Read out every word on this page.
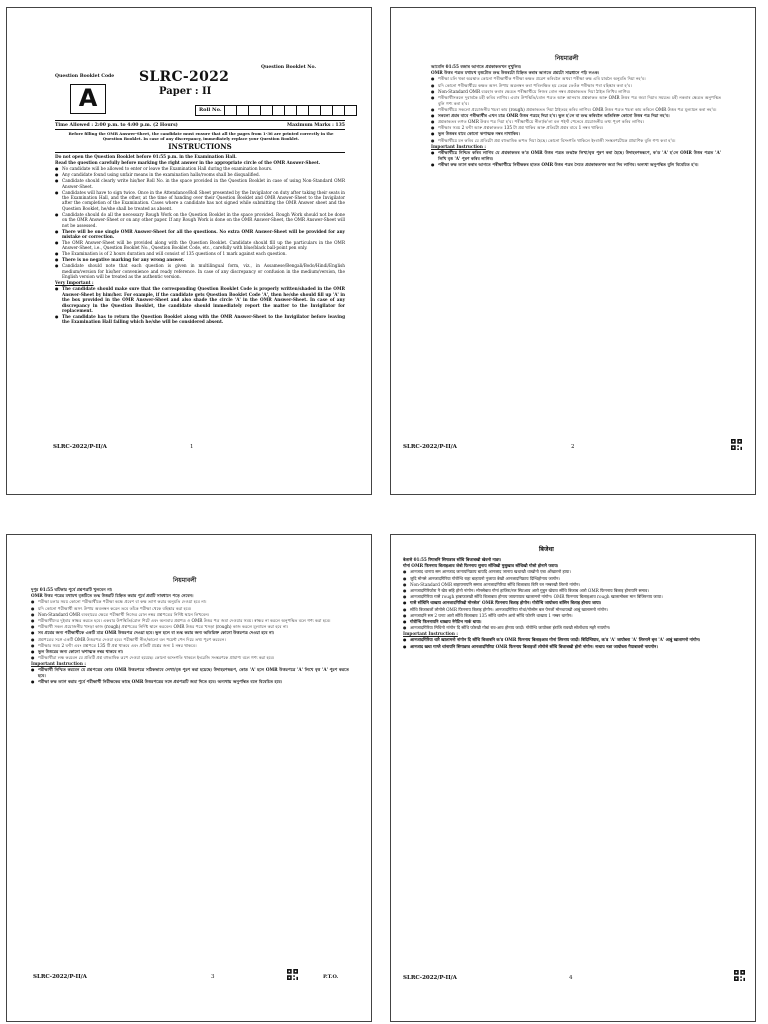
Question Booklet No.
Question Booklet Code SLRC-2022
Paper : II
A	Roll No.
Time Allowed : 2:00 p.m. to 4:00 p.m. (2 Hours)	Maximum Marks : 135
Before filling the OMR Answer-Sheet, the candidate must ensure that all the pages from 1-36 are printed correctly in the Question Booklet. In case of any discrepancy, immediately replace your Question Booklet.
INSTRUCTIONS

Do not open the Question Booklet before 01:55 p.m. in the Examination Hall.

Read the question carefully before marking the right answer in the appropriate circle of the OMR Answer-Sheet.

● No candidate will be allowed to enter or leave the Examination Hall during the examination hours.
● Any candidate found using unfair means in the examination halls/rooms shall be disqualified.
● Candidate should clearly write his/her Roll No. in the space provided in the Question Booklet in case of using Non-Standard OMR Answer-Sheet.
● Candidates will have to sign twice. Once in the Attendance/Roll Sheet presented by the Invigilator on duty after taking their seats in the Examination Hall, and the other, at the time of handing over their Question Booklet and OMR Answer-Sheet to the Invigilator after the completion of the Examination. Cases where a candidate has not signed while submitting the OMR Answer sheet and the Question Booklet, he/she shall be treated as absent.
● Candidate should do all the necessary Rough Work on the Question Booklet in the space provided. Rough Work should not be done on the OMR Answer-Sheet or on any other paper. If any Rough Work is done on the OMR Answer-Sheet, the OMR Answer-Sheet will not be assessed.
● There will be one single OMR Answer-Sheet for all the questions. No extra OMR Answer-Sheet will be provided for any mistake or correction.
● The OMR Answer-Sheet will be provided along with the Question Booklet. Candidate should fill up the particulars in the OMR Answer-Sheet, i.e., Question Booklet No., Question Booklet Code, etc., carefully with blue/black ball-point pen only.
● The Examination is of 2 hours duration and will consist of 135 questions of 1 mark against each question.
● There is no negative marking for any wrong answer.
● Candidate should note that each question is given in multilingual form, viz., in Assamese/Bengali/Bodo/Hindi/English medium/version for his/her convenience and ready reference. In case of any discrepancy or confusion in the medium/version, the English version will be treated as the authentic version.

Very Important :

● The candidate should make sure that the corresponding Question Booklet Code is properly written/shaded in the OMR Answer-Sheet by him/her. For example, if the candidate gets Question Booklet Code 'A', then he/she should fill up 'A' in the box provided in the OMR Answer-Sheet and also shade the circle 'A' in the OMR Answer-Sheet. In case of any discrepancy in the Question Booklet, the candidate should immediately report the matter to the Invigilator for replacement.
● The candidate has to return the Question Booklet along with the OMR Answer-Sheet to the Invigilator before leaving the Examination Hall failing which he/she will be considered absent.
SLRC-2022/P-II/A	1
নিয়মাৱলী

আবেলি 01:55 বজাৰ আগতে প্ৰশ্নকাকতখন নুখুলিব।

OMR উত্তৰ পত্ৰত যথাযথ বৃত্তটোত শুদ্ধ উত্তৰটো চিহ্নিত কৰাৰ আগতে প্ৰশ্নটো সাৱধানে পঢ়ি লওক।

● পৰীক্ষা চলি থকা অৱস্থাত কোনো পৰীক্ষাৰ্থীক পৰীক্ষা কক্ষত প্ৰৱেশ কৰিবলৈ অথবা পৰীক্ষা কক্ষ এৰি যাবলৈ অনুমতি দিয়া নহ'ব।
● যদি কোনো পৰীক্ষাৰ্থীয়ে কক্ষত অসৎ উপায় অৱলম্বন কৰা পৰিলক্ষিত হয় তেন্তে তেওঁক পৰীক্ষাৰ পৰা বহিষ্কাৰ কৰা হ'ব।
● Non-Standard OMR ব্যৱহাৰ কৰাৰ ক্ষেত্ৰত পৰীক্ষাৰ্থীয়ে নিজৰ ৰোল নম্বৰ প্ৰশ্নকাকতত দিয়া ঠাইত লিখিব লাগিব।
● পৰীক্ষাৰ্থীসকলে দুবাৰকৈ চহী কৰিব লাগিব। এবাৰ উপস্থিতি/ৰোল পত্ৰত আৰু আনবাৰ প্ৰশ্নকাকত আৰু OMR উত্তৰ পত্ৰ জমা দিয়াৰ সময়ত। চহী নকৰাৰ ক্ষেত্ৰত অনুপস্থিত বুলি গণ্য কৰা হ'ব।
● পৰীক্ষাৰ্থীয়ে সকলো প্ৰয়োজনীয় খচৰা কাম (rough) প্ৰশ্নকাকতত দিয়া ঠাইতহে কৰিব লাগিব। OMR উত্তৰ পত্ৰত খচৰা কাম কৰিলে OMR উত্তৰ পত্ৰ মূল্যায়ন কৰা নহ'ব।
● সকলো প্ৰশ্নৰ বাবে পৰীক্ষাৰ্থীৰ এখন মাত্ৰ OMR উত্তৰ পত্ৰহে দিয়া হ'ব। ভুল হ'লে বা শুদ্ধ কৰিবলৈ অতিৰিক্ত কোনো উত্তৰ পত্ৰ দিয়া নহ'ব।
● প্ৰশ্নকাকতৰ লগত OMR উত্তৰ পত্ৰ দিয়া হ'ব। পৰীক্ষাৰ্থীয়ে নীলা/ক'লা বল পইণ্ট পেনেৰে প্ৰয়োজনীয় তথ্য পূৰণ কৰিব লাগিব।
● পৰীক্ষাৰ সময় 2 ঘণ্টা আৰু প্ৰশ্নকাকতত 135 টা প্ৰশ্ন থাকিব আৰু প্ৰতিটো প্ৰশ্নৰ বাবে 1 নম্বৰ থাকিব।
● ভুল উত্তৰৰ বাবে কোনো ঋণাত্মক নম্বৰ নাথাকিব।
● পৰীক্ষাৰ্থীয়ে মন কৰিব যে প্ৰতিটো প্ৰশ্ন বহুভাষিক ৰূপত দিয়া হৈছে। কোনো বিসংগতি থাকিলে ইংৰাজী সংস্কৰণটোকে প্ৰামাণিক বুলি গণ্য কৰা হ'ব।

Important Instruction :

● পৰীক্ষাৰ্থীয়ে নিশ্চিত কৰিব লাগিব যে প্ৰশ্নকাকতৰ ক'ড OMR উত্তৰ পত্ৰত শুদ্ধকৈ লিখা/বৃত্ত পূৰণ কৰা হৈছে। উদাহৰণস্বৰূপে, ক'ড 'A' হ'লে OMR উত্তৰ পত্ৰত 'A' লিখি বৃত্ত 'A' পূৰণ কৰিব লাগিব।
● পৰীক্ষা কক্ষ ত্যাগ কৰাৰ আগতে পৰীক্ষাৰ্থীয়ে নিৰীক্ষকৰ হাতত OMR উত্তৰ পত্ৰৰ সৈতে প্ৰশ্নকাকতখন জমা দিব লাগিব। অন্যথা অনুপস্থিত বুলি বিবেচিত হ'ব।
SLRC-2022/P-II/A	2
নিয়মাবলী

দুপুর 01:55 ঘটিকার পূর্বে প্রশ্নপত্রটি খুলবেন না।

OMR উত্তর পত্রের যথাযথ বৃত্তটিতে শুদ্ধ উত্তরটি চিহ্নিত করার পূর্বে প্রশ্নটি সাবধানে পড়ে নেবেন।

● পরীক্ষা চলার সময় কোনো পরীক্ষার্থীকে পরীক্ষা কক্ষে প্রবেশ বা কক্ষ ত্যাগ করার অনুমতি দেওয়া হবে না।
● যদি কোনো পরীক্ষার্থী অসৎ উপায় অবলম্বন করেন তবে তাঁকে পরীক্ষা থেকে বহিষ্কার করা হবে।
● Non-Standard OMR ব্যবহারের ক্ষেত্রে পরীক্ষার্থী নিজের রোল নম্বর প্রশ্নপত্রের নির্দিষ্ট স্থানে লিখবেন।
● পরীক্ষার্থীদের দুইবার স্বাক্ষর করতে হবে। একবার উপস্থিতি/রোল শিটে এবং অন্যবার প্রশ্নপত্র ও OMR উত্তর পত্র জমা দেওয়ার সময়। স্বাক্ষর না করলে অনুপস্থিত বলে গণ্য করা হবে।
● পরীক্ষার্থী সকল প্রয়োজনীয় খসড়া কাজ (rough) প্রশ্নপত্রের নির্দিষ্ট স্থানে করবেন। OMR উত্তর পত্রে খসড়া (rough) কাজ করলে মূল্যায়ন করা হবে না।
● সব প্রশ্নের জন্য পরীক্ষার্থীকে একটি মাত্র OMR উত্তরপত্র দেওয়া হবে। ভুল হলে বা শুদ্ধ করার জন্য অতিরিক্ত কোনো উত্তরপত্র দেওয়া হবে না।
● প্রশ্নপত্রের সঙ্গে একটি OMR উত্তরপত্র দেওয়া হবে। পরীক্ষার্থী নীল/কালো বল পয়েন্ট পেন দিয়ে তথ্য পূরণ করবেন।
● পরীক্ষার সময় 2 ঘণ্টা এবং প্রশ্নপত্রে 135 টি প্রশ্ন থাকবে এবং প্রতিটি প্রশ্নের জন্য 1 নম্বর থাকবে।
● ভুল উত্তরের জন্য কোনো ঋণাত্মক নম্বর থাকবে না।
● পরীক্ষার্থীরা লক্ষ করবেন যে প্রতিটি প্রশ্ন বহুভাষিক রূপে দেওয়া হয়েছে। কোনো অসংগতি থাকলে ইংরেজি সংস্করণকে প্রামাণ্য বলে গণ্য করা হবে।

Important Instruction :

● পরীক্ষার্থী নিশ্চিত করবেন যে প্রশ্নপত্রের কোড OMR উত্তরপত্রে সঠিকভাবে লেখা/বৃত্ত পূরণ করা হয়েছে। উদাহরণস্বরূপ, কোড 'A' হলে OMR উত্তরপত্রে 'A' লিখে বৃত্ত 'A' পূরণ করতে হবে।
● পরীক্ষা কক্ষ ত্যাগ করার পূর্বে পরীক্ষার্থী নিরীক্ষকের কাছে OMR উত্তরপত্রের সঙ্গে প্রশ্নপত্রটি জমা দিতে হবে। অন্যথায় অনুপস্থিত বলে বিবেচিত হবে।
SLRC-2022/P-II/A	3	P.T.O.
बिजेथा

बेलासे 01:55 रिगाबनि सिगाङाव सोंथि बिजाबखौ खेवनो नाङा।

गोनां OMR फिननाय बिलाइआव जेबो फिननाय सुनाय सोंथिखौ मुसुखाव सोंथिखौ गोसो होनानै फराय।

● आनजाद थानाय सम आनजाद जानायनिफ्राय बायदि आनजाद जानाय खथाखौ थाखोनो एबा ओंखारनो हाया।
● जुदि मोनसे आनजादगिरिया गोरोन्थि राहा बाहायनो नुजाया बेखौ आनजादनिफ्राय दिन्थिहोनाय जागोन।
● Non-Standard OMR बाहायनायनि समाव आनजादगिरिया सोंथि बिजाबाव बिनि रल नम्बरखौ लिरनो नांगोन।
● आनजादगिरिफोरा नै खेप सहि होनो नांगोन। मोनसेबाव गोनां हाजिरा/रल सिटआव आरो गुबुन खेपाव सोंथि बिजाब आरो OMR फिननाय बिलाइ होनायनि समाव।
● आनजादगिरिया गासै rough हाबाफारखौ सोंथि बिजाबाव होनाय जायगायाव खालामनो नांगोन। OMR फिननाय बिलाइआव rough खालामोब्ला मान बिजिरनाय जाया।
● गासै सोंथिनि थाखाय आनजादगिरिखौ मोनसेल' OMR फिननाय बिलाइ होगोन। गोरोन्थि जायोब्ला बांसिन बिलाइ होनाय जाया।
● सोंथि बिजाबजों लोगोसे OMR फिननाय बिलाइ होगोन। आनजादगिरिया गोथां/गोसोम बल पेनजों मोनथायखौ आबुं खालामनो नांगोन।
● आनजादनि सम 2 घन्टा आरो सोंथि बिजाबाव 135 सोंथि थागोन आरो सोंथि फोरनि थाखाय 1 नम्बर थागोन।
● गोरोन्थि फिननायनि थाखाय नेगेटिभ मार्क थाया।
● आनजादगिरिया मिथिनो नांगोन दि सोंथि फोरखौ गोबां राव-आव होनाय जादों। गोरोन्थि जायोब्ला इंराजि रावखौ सोलोंथाय महरै नायगोन।

Important Instruction :

● आनजादगिरिया थारै खालामनो नांगोन दि सोंथि बिजाबनि क'ड OMR फिननाय बिलाइआव गोनां लिरनाय जादों। बिदिन्थियाव, क'ड 'A' जायोब्ला 'A' लिरनानै बृत्त 'A' आबुं खालामनो नांगोन।
● आनजाद खथा गाग्लै थांनायनि सिगाङाव आनजादगिरिया OMR फिननाय बिलाइजों लोगोसे सोंथि बिजाबखौ होनो नांगोन। नाथाय नङा जायोब्ला गैयाबावनो नायगोन।
SLRC-2022/P-II/A	4
